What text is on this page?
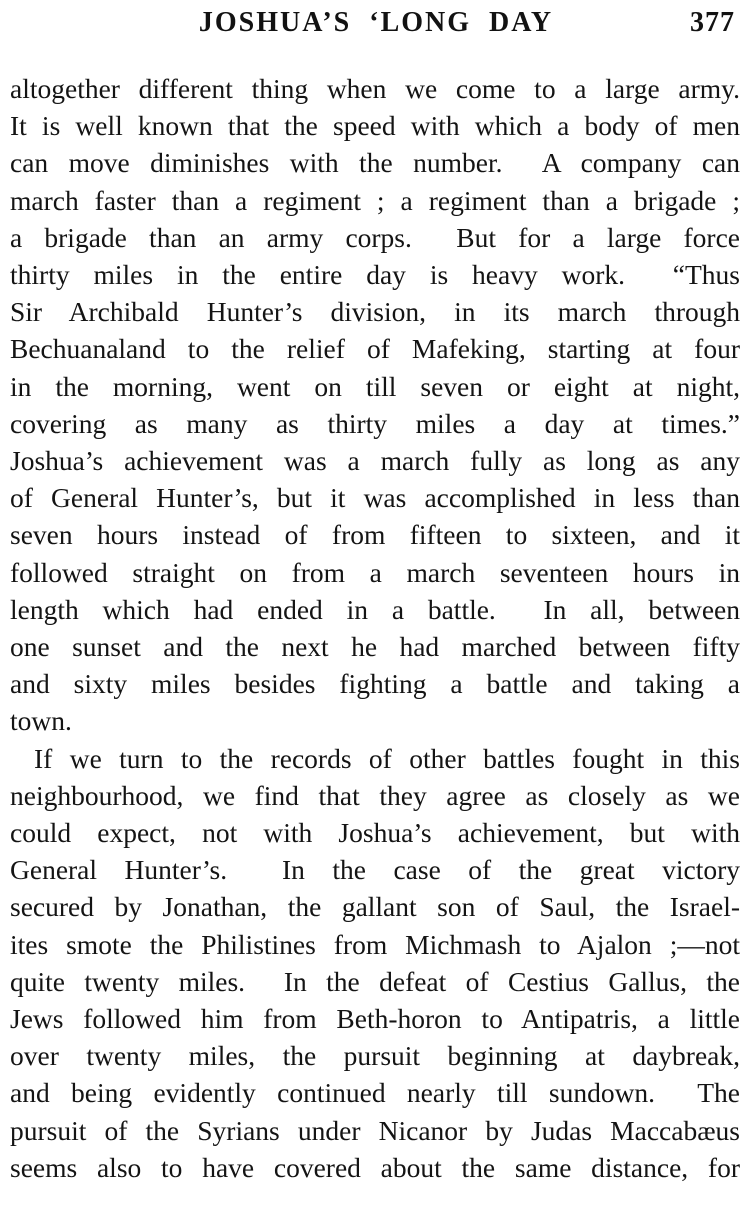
JOSHUA’S ‘LONG DAY	377

altogether different thing when we come to a large army.
It is well known that the speed with which a body of men
can move diminishes with the number.  A company can
march faster than a regiment ; a regiment than a brigade ;
a brigade than an army corps.  But for a large force
thirty miles in the entire day is heavy work.  “Thus
Sir Archibald Hunter’s division, in its march through
Bechuanaland to the relief of Mafeking, starting at four
in the morning, went on till seven or eight at night,
covering as many as thirty miles a day at times.”
Joshua’s achievement was a march fully as long as any
of General Hunter’s, but it was accomplished in less than
seven hours instead of from fifteen to sixteen, and it
followed straight on from a march seventeen hours in
length which had ended in a battle.  In all, between
one sunset and the next he had marched between fifty
and sixty miles besides fighting a battle and taking a
town.

If we turn to the records of other battles fought in this
neighbourhood, we find that they agree as closely as we
could expect, not with Joshua’s achievement, but with
General Hunter’s.  In the case of the great victory
secured by Jonathan, the gallant son of Saul, the Israel-
ites smote the Philistines from Michmash to Ajalon ;—not
quite twenty miles.  In the defeat of Cestius Gallus, the
Jews followed him from Beth-horon to Antipatris, a little
over twenty miles, the pursuit beginning at daybreak,
and being evidently continued nearly till sundown.  The
pursuit of the Syrians under Nicanor by Judas Maccabæus
seems also to have covered about the same distance, for
